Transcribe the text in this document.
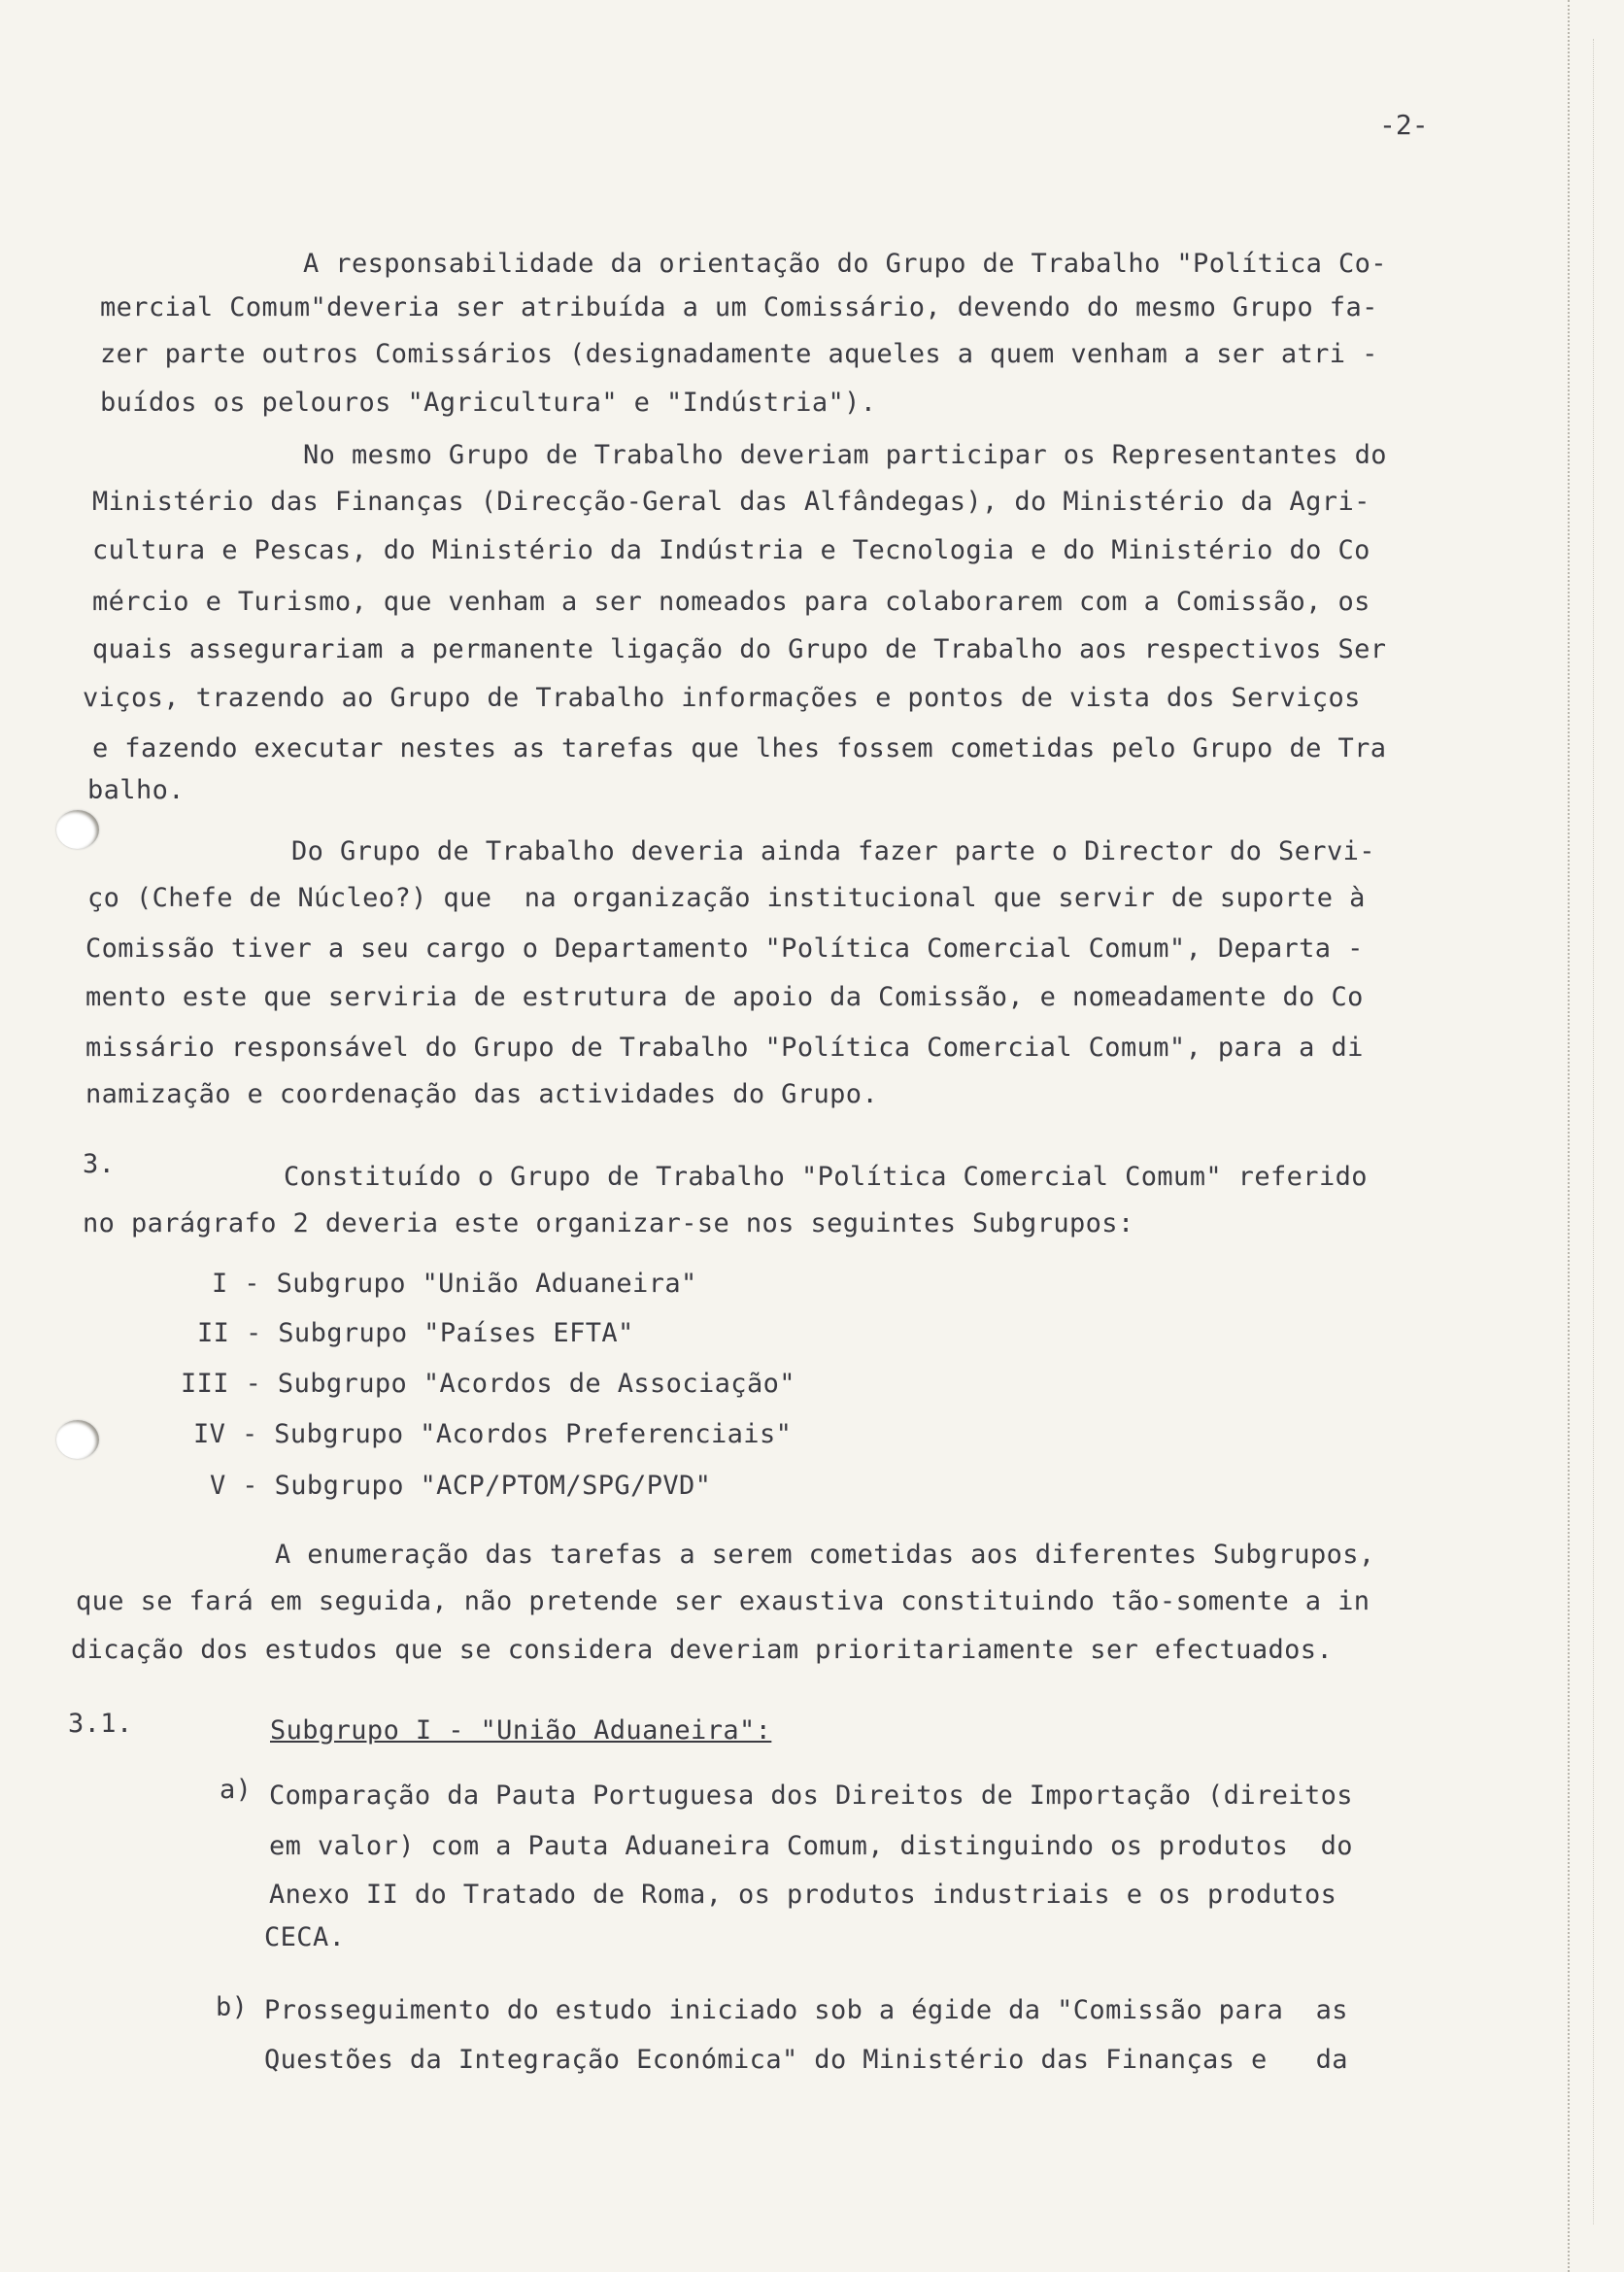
-2-
A responsabilidade da orientação do Grupo de Trabalho "Política Co-
mercial Comum"deveria ser atribuída a um Comissário, devendo do mesmo Grupo fa-
zer parte outros Comissários (designadamente aqueles a quem venham a ser atri -
buídos os pelouros "Agricultura" e "Indústria").
No mesmo Grupo de Trabalho deveriam participar os Representantes do
Ministério das Finanças (Direcção-Geral das Alfândegas), do Ministério da Agri-
cultura e Pescas, do Ministério da Indústria e Tecnologia e do Ministério do Co
mércio e Turismo, que venham a ser nomeados para colaborarem com a Comissão, os
quais assegurariam a permanente ligação do Grupo de Trabalho aos respectivos Ser
viços, trazendo ao Grupo de Trabalho informações e pontos de vista dos Serviços
e fazendo executar nestes as tarefas que lhes fossem cometidas pelo Grupo de Tra
balho.
Do Grupo de Trabalho deveria ainda fazer parte o Director do Servi-
ço (Chefe de Núcleo?) que  na organização institucional que servir de suporte à
Comissão tiver a seu cargo o Departamento "Política Comercial Comum", Departa -
mento este que serviria de estrutura de apoio da Comissão, e nomeadamente do Co
missário responsável do Grupo de Trabalho "Política Comercial Comum", para a di
namização e coordenação das actividades do Grupo.
3.	Constituído o Grupo de Trabalho "Política Comercial Comum" referido
no parágrafo 2 deveria este organizar-se nos seguintes Subgrupos:
I - Subgrupo "União Aduaneira"
II - Subgrupo "Países EFTA"
III - Subgrupo "Acordos de Associação"
IV - Subgrupo "Acordos Preferenciais"
V - Subgrupo "ACP/PTOM/SPG/PVD"
A enumeração das tarefas a serem cometidas aos diferentes Subgrupos,
que se fará em seguida, não pretende ser exaustiva constituindo tão-somente a in
dicação dos estudos que se considera deveriam prioritariamente ser efectuados.
3.1.	Subgrupo I - "União Aduaneira":
a) Comparação da Pauta Portuguesa dos Direitos de Importação (direitos
em valor) com a Pauta Aduaneira Comum, distinguindo os produtos  do
Anexo II do Tratado de Roma, os produtos industriais e os produtos
CECA.
b) Prosseguimento do estudo iniciado sob a égide da "Comissão para  as
Questões da Integração Económica" do Ministério das Finanças e   da
